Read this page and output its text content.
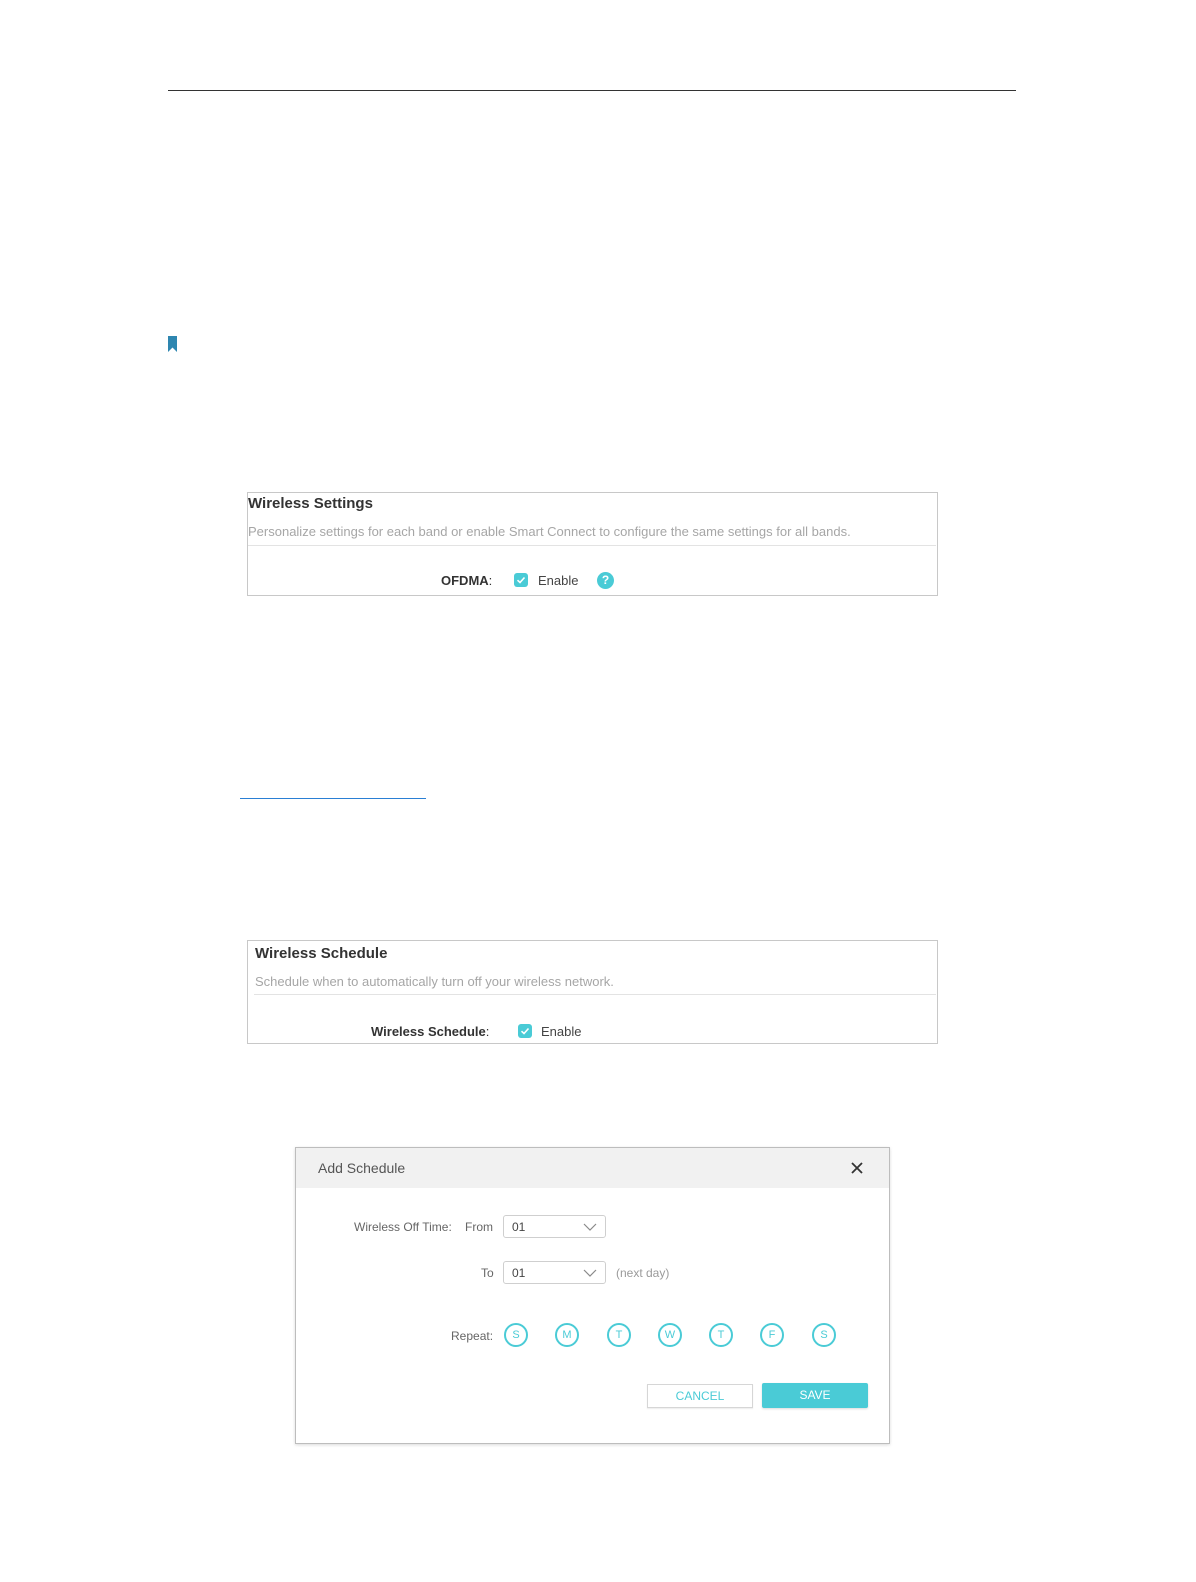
Wireless Settings
Personalize settings for each band or enable Smart Connect to configure the same settings for all bands.
OFDMA:	Enable	?
Wireless Schedule
Schedule when to automatically turn off your wireless network.
Wireless Schedule:	Enable
Add Schedule
Wireless Off Time: From 01
To 01	(next day)
Repeat:	S	M	T	W	T	F	S
CANCEL	SAVE
